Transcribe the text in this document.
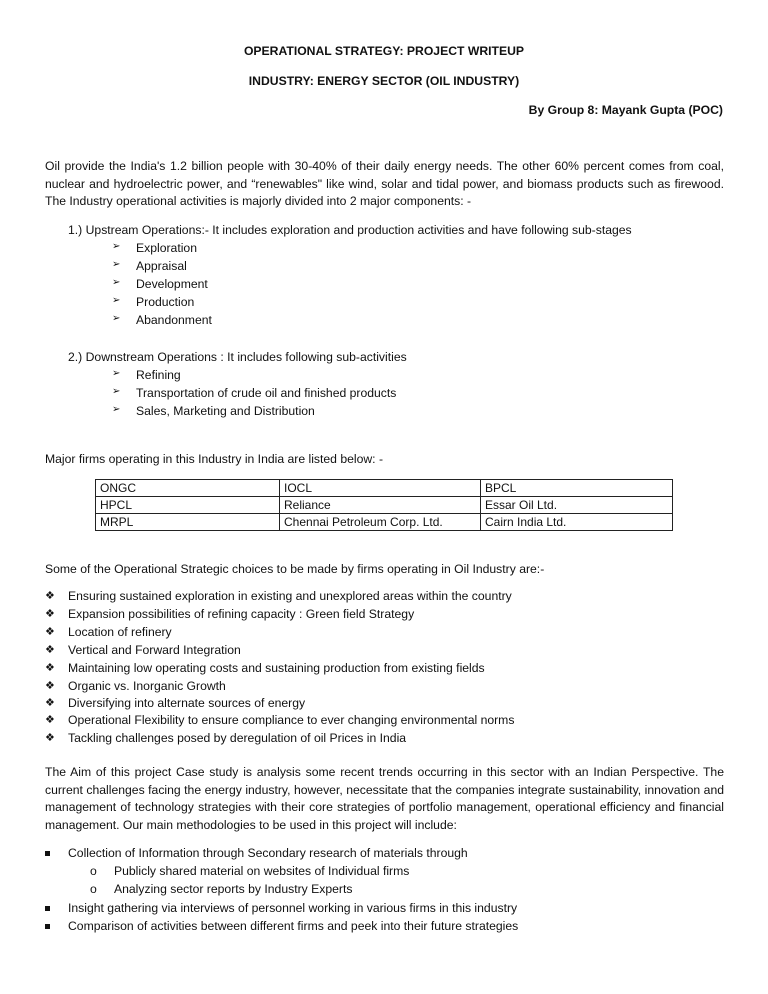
OPERATIONAL STRATEGY: PROJECT WRITEUP
INDUSTRY: ENERGY SECTOR (OIL INDUSTRY)
By Group 8: Mayank Gupta (POC)
Oil provide the India's 1.2 billion people with 30-40% of their daily energy needs. The other 60% percent comes from coal, nuclear and hydroelectric power, and “renewables" like wind, solar and tidal power, and biomass products such as firewood. The Industry operational activities is majorly divided into 2 major components: -
1.) Upstream Operations:- It includes exploration and production activities and have following sub-stages
➢ Exploration
➢ Appraisal
➢ Development
➢ Production
➢ Abandonment
2.) Downstream Operations : It includes following sub-activities
➢ Refining
➢ Transportation of crude oil and finished products
➢ Sales, Marketing and Distribution
Major firms operating in this Industry in India are listed below: -
ONGC	IOCL	BPCL
HPCL	Reliance	Essar Oil Ltd.
MRPL	Chennai Petroleum Corp. Ltd.	Cairn India Ltd.
Some of the Operational Strategic choices to be made by firms operating in Oil Industry are:-
❖ Ensuring sustained exploration in existing and unexplored areas within the country
❖ Expansion possibilities of refining capacity : Green field Strategy
❖ Location of refinery
❖ Vertical and Forward Integration
❖ Maintaining low operating costs and sustaining production from existing fields
❖ Organic vs. Inorganic Growth
❖ Diversifying into alternate sources of energy
❖ Operational Flexibility to ensure compliance to ever changing environmental norms
❖ Tackling challenges posed by deregulation of oil Prices in India
The Aim of this project Case study is analysis some recent trends occurring in this sector with an Indian Perspective. The current challenges facing the energy industry, however, necessitate that the companies integrate sustainability, innovation and management of technology strategies with their core strategies of portfolio management, operational efficiency and financial management. Our main methodologies to be used in this project will include:
Collection of Information through Secondary research of materials through
o Publicly shared material on websites of Individual firms
o Analyzing sector reports by Industry Experts
Insight gathering via interviews of personnel working in various firms in this industry
Comparison of activities between different firms and peek into their future strategies
